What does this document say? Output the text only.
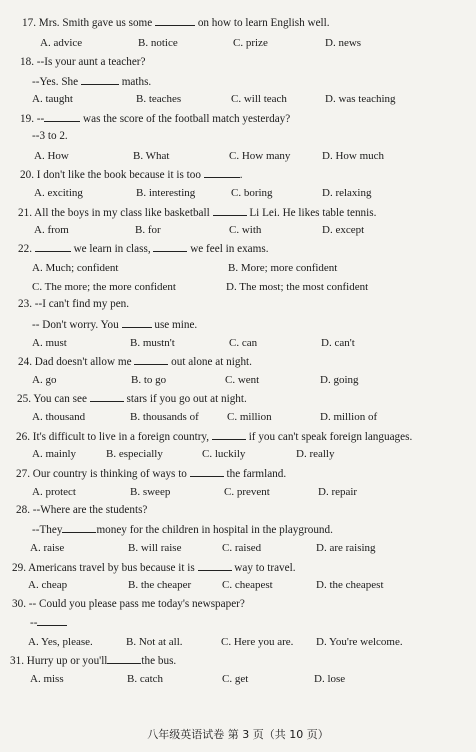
17. Mrs. Smith gave us some	on how to learn English well.
A. advice	B. notice	C. prize	D. news
18. --Is your aunt a teacher?
--Yes. She	maths.
A. taught	B. teaches	C. will teach	D. was teaching
19. --	was the score of the football match yesterday?
--3 to 2.
A. How	B. What	C. How many	D. How much
20. I don't like the book because it is too	.
A. exciting	B. interesting	C. boring	D. relaxing
21. All the boys in my class like basketball	Li Lei. He likes table tennis.
A. from	B. for	C. with	D. except
22.	we learn in class,	we feel in exams.
A. Much; confident	B. More; more confident
C. The more; the more confident	D. The most; the most confident
23. --I can't find my pen.
-- Don't worry. You	use mine.
A. must	B. mustn't	C. can	D. can't
24. Dad doesn't allow me	out alone at night.
A. go	B. to go	C. went	D. going
25. You can see	stars if you go out at night.
A. thousand	B. thousands of	C. million	D. million of
26. It's difficult to live in a foreign country,	if you can't speak foreign languages.
A. mainly	B. especially	C. luckily	D. really
27. Our country is thinking of ways to	the farmland.
A. protect	B. sweep	C. prevent	D. repair
28. --Where are the students?
--They	money for the children in hospital in the playground.
A. raise	B. will raise	C. raised	D. are raising
29. Americans travel by bus because it is	way to travel.
A. cheap	B. the cheaper	C. cheapest	D. the cheapest
30. -- Could you please pass me today's newspaper?
--
A. Yes, please.	B. Not at all.	C. Here you are. D. You're welcome.
31. Hurry up or you'll	the bus.
A. miss	B. catch	C. get	D. lose
八年级英语试卷 第 3 页（共 10 页）
